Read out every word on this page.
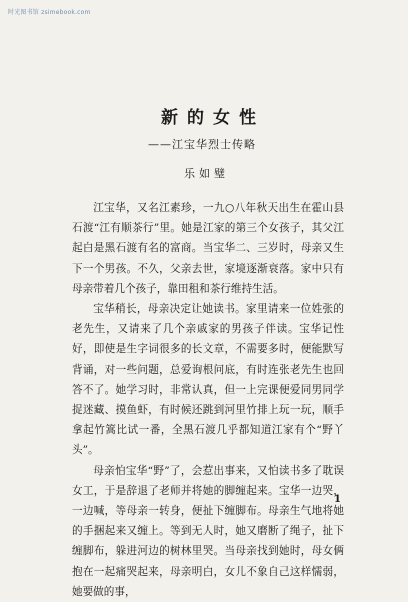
时光图书馆 zsimebook.com
新的女性
——江宝华烈士传略
乐如璧

江宝华，又名江素珍，一九○八年秋天出生在霍山县石渡“江有顺茶行”里。她是江家的第三个女孩子，其父江起白是黑石渡有名的富商。当宝华二、三岁时，母亲又生下一个男孩。不久，父亲去世，家境逐渐衰落。家中只有母亲带着几个孩子，靠田租和茶行维持生活。

宝华稍长，母亲决定让她读书。家里请来一位姓张的老先生，又请来了几个亲戚家的男孩子伴读。宝华记性好，即使是生字词很多的长文章，不需要多时，便能默写背诵，对一些问题，总爱询根问底，有时连张老先生也回答不了。她学习时，非常认真，但一上完课便爱同男同学捉迷藏、摸鱼虾，有时候还跳到河里竹排上玩一玩，顺手拿起竹篙比试一番，全黑石渡几乎都知道江家有个“野丫头”。

母亲怕宝华“野”了，会惹出事来，又怕读书多了耽误女工，于是辞退了老师并将她的脚缠起来。宝华一边哭，一边喊，等母亲一转身，便扯下缠脚布。母亲生气地将她的手捆起来又缠上。等到无人时，她又磨断了绳子，扯下缠脚布，躲进河边的树林里哭。当母亲找到她时，母女俩抱在一起痛哭起来，母亲明白，女儿不象自己这样懦弱，她要做的事，

1
